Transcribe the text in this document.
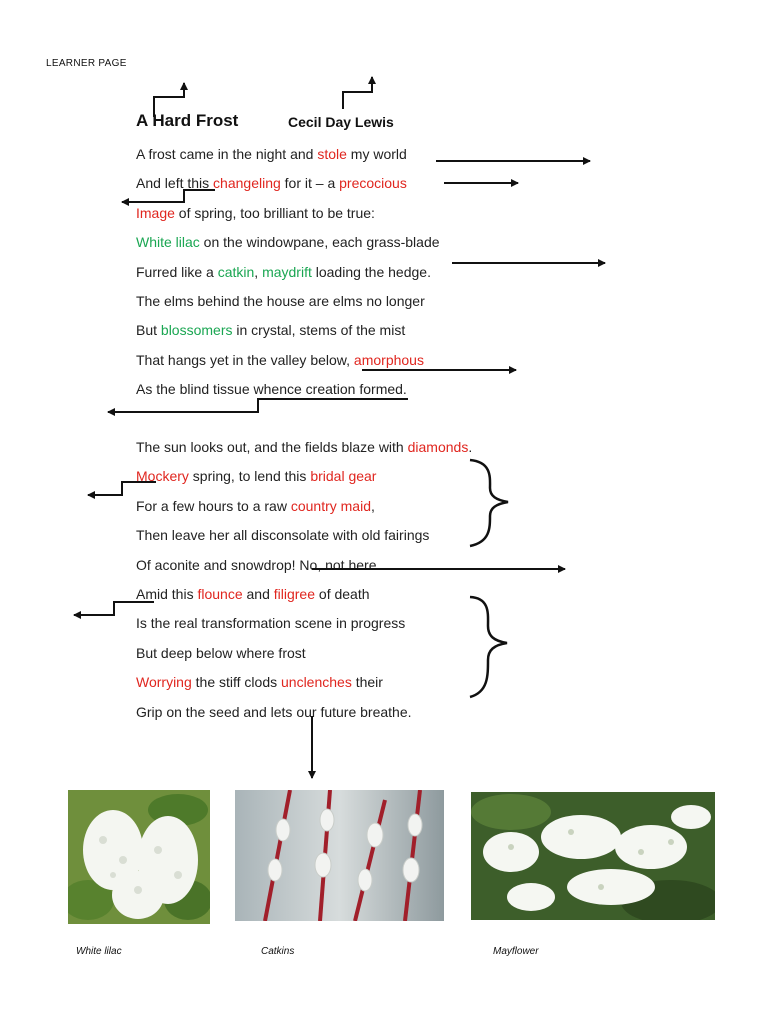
LEARNER PAGE
A Hard Frost	Cecil Day Lewis
A frost came in the night and stole my world
And left this changeling for it – a precocious
Image of spring, too brilliant to be true:
White lilac on the windowpane, each grass-blade
Furred like a catkin, maydrift loading the hedge.
The elms behind the house are elms no longer
But blossomers in crystal, stems of the mist
That hangs yet in the valley below, amorphous
As the blind tissue whence creation formed.
The sun looks out, and the fields blaze with diamonds.
Mockery spring, to lend this bridal gear
For a few hours to a raw country maid,
Then leave her all disconsolate with old fairings
Of aconite and snowdrop! No, not here
Amid this flounce and filigree of death
Is the real transformation scene in progress
But deep below where frost
Worrying the stiff clods unclenches their
Grip on the seed and lets our future breathe.
White lilac	Catkins	Mayflower
